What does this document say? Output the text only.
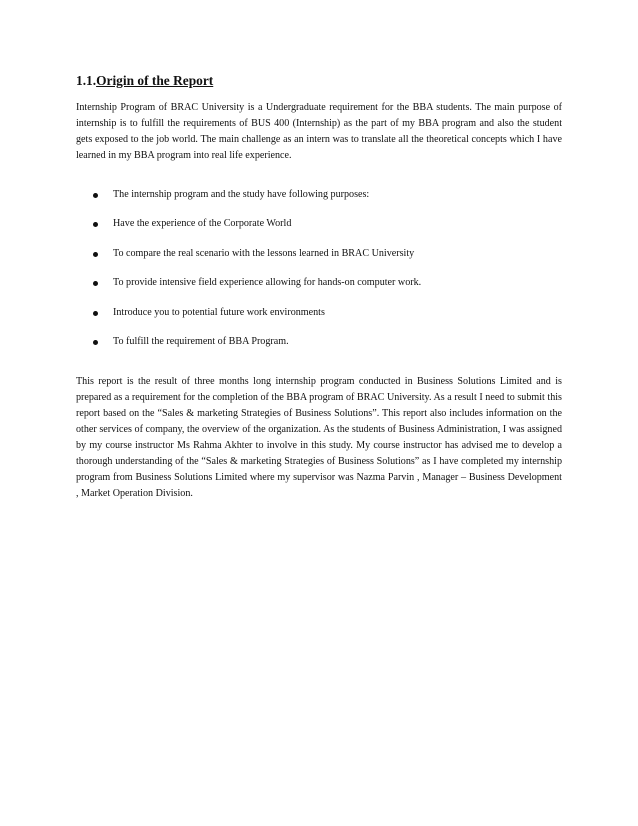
1.1.Origin of the Report

Internship Program of BRAC University is a Undergraduate requirement for the BBA students. The main purpose of internship is to fulfill the requirements of BUS 400 (Internship) as the part of my BBA program and also the student gets exposed to the job world. The main challenge as an intern was to translate all the theoretical concepts which I have learned in my BBA program into real life experience.

The internship program and the study have following purposes:
Have the experience of the Corporate World
To compare the real scenario with the lessons learned in BRAC University
To provide intensive field experience allowing for hands-on computer work.
Introduce you to potential future work environments
To fulfill the requirement of BBA Program.

This report is the result of three months long internship program conducted in Business Solutions Limited and is prepared as a requirement for the completion of the BBA program of BRAC University. As a result I need to submit this report based on the “Sales & marketing Strategies of Business Solutions”. This report also includes information on the other services of company, the overview of the organization. As the students of Business Administration, I was assigned by my course instructor Ms Rahma Akhter to involve in this study. My course instructor has advised me to develop a thorough understanding of the “Sales & marketing Strategies of Business Solutions” as I have completed my internship program from Business Solutions Limited where my supervisor was Nazma Parvin , Manager – Business Development , Market Operation Division.
